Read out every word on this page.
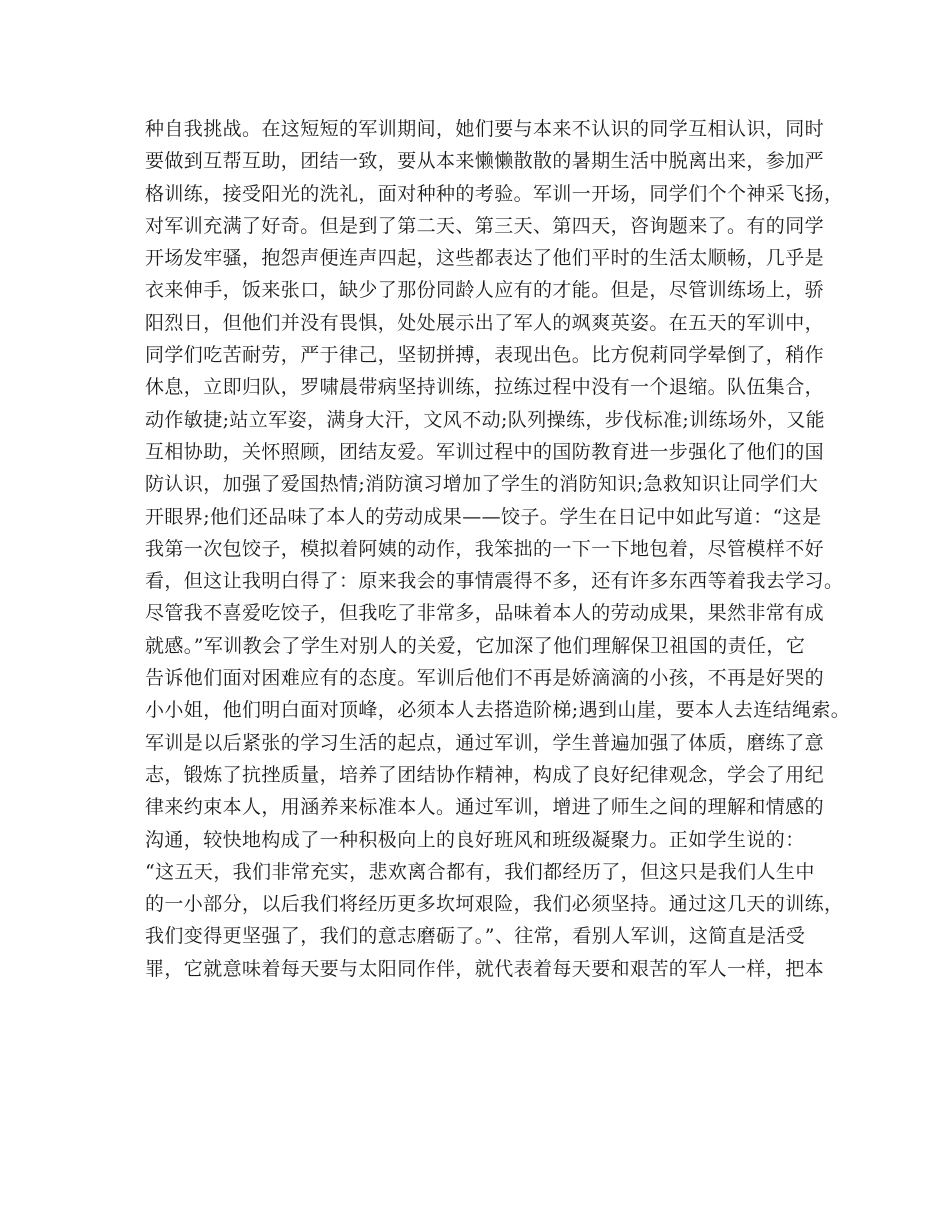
种自我挑战。在这短短的军训期间，她们要与本来不认识的同学互相认识，同时
要做到互帮互助，团结一致，要从本来懒懒散散的暑期生活中脱离出来，参加严
格训练，接受阳光的洗礼，面对种种的考验。军训一开场，同学们个个神采飞扬，
对军训充满了好奇。但是到了第二天、第三天、第四天，咨询题来了。有的同学
开场发牢骚，抱怨声便连声四起，这些都表达了他们平时的生活太顺畅，几乎是
衣来伸手，饭来张口，缺少了那份同龄人应有的才能。但是，尽管训练场上，骄
阳烈日，但他们并没有畏惧，处处展示出了军人的飒爽英姿。在五天的军训中，
同学们吃苦耐劳，严于律己，坚韧拼搏，表现出色。比方倪莉同学晕倒了，稍作
休息，立即归队，罗啸晨带病坚持训练，拉练过程中没有一个退缩。队伍集合，
动作敏捷;站立军姿，满身大汗，文风不动;队列操练，步伐标准;训练场外，又能
互相协助，关怀照顾，团结友爱。军训过程中的国防教育进一步强化了他们的国
防认识，加强了爱国热情;消防演习增加了学生的消防知识;急救知识让同学们大
开眼界;他们还品味了本人的劳动成果——饺子。学生在日记中如此写道：“这是
我第一次包饺子，模拟着阿姨的动作，我笨拙的一下一下地包着，尽管模样不好
看，但这让我明白得了：原来我会的事情震得不多，还有许多东西等着我去学习。
尽管我不喜爱吃饺子，但我吃了非常多，品味着本人的劳动成果，果然非常有成
就感。”军训教会了学生对别人的关爱，它加深了他们理解保卫祖国的责任，它
告诉他们面对困难应有的态度。军训后他们不再是娇滴滴的小孩，不再是好哭的
小小姐，他们明白面对顶峰，必须本人去搭造阶梯;遇到山崖，要本人去连结绳索。
军训是以后紧张的学习生活的起点，通过军训，学生普遍加强了体质，磨练了意
志，锻炼了抗挫质量，培养了团结协作精神，构成了良好纪律观念，学会了用纪
律来约束本人，用涵养来标准本人。通过军训，增进了师生之间的理解和情感的
沟通，较快地构成了一种积极向上的良好班风和班级凝聚力。正如学生说的：
“这五天，我们非常充实，悲欢离合都有，我们都经历了，但这只是我们人生中
的一小部分，以后我们将经历更多坎坷艰险，我们必须坚持。通过这几天的训练，
我们变得更坚强了，我们的意志磨砺了。”、往常，看别人军训，这简直是活受
罪，它就意味着每天要与太阳同作伴，就代表着每天要和艰苦的军人一样，把本
